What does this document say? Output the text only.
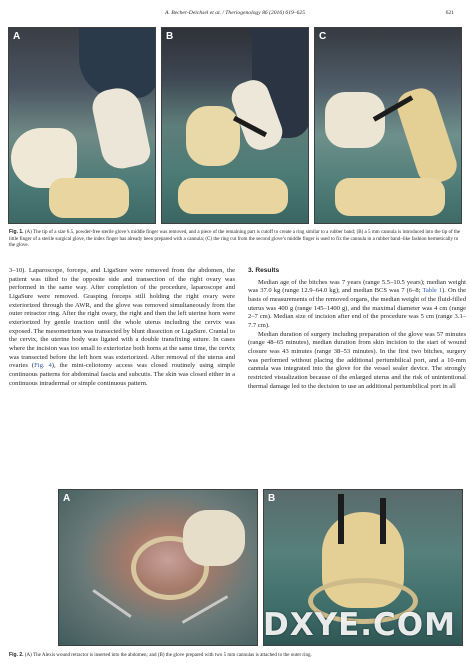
A. Becher-Deichsel et al. / Theriogenology 86 (2016) 619–625	621
A	B	C
Fig. 1. (A) The tip of a size 6.5, powder-free sterile glove’s middle finger was removed, and a piece of the remaining part is cutoff to create a ring similar to a rubber band; (B) a 5 mm cannula is introduced into the tip of the little finger of a sterile surgical glove, the index finger has already been prepared with a cannula; (C) the ring cut from the second glove’s middle finger is used to fix the cannula in a rubber band–like fashion hermetically to the glove.

3–10). Laparoscope, forceps, and LigaSure were removed from the abdomen, the patient was tilted to the opposite side and transection of the right ovary was performed in the same way. After completion of the procedure, laparoscope and LigaSure were removed. Grasping forceps still holding the right ovary were exteriorized through the AWR, and the glove was removed simultaneously from the outer retractor ring. After the right ovary, the right and then the left uterine horn were exteriorized by gentle traction until the whole uterus including the cervix was exposed. The mesometrium was transected by blunt dissection or LigaSure. Cranial to the cervix, the uterine body was ligated with a double transfixing suture. In cases where the incision was too small to exteriorize both horns at the same time, the cervix was transected before the left horn was exteriorized. After removal of the uterus and ovaries (Fig. 4), the mini-celiotomy access was closed routinely using simple continuous patterns for abdominal fascia and subcutis. The skin was closed either in a continuous intradermal or simple continuous pattern.

3. Results

Median age of the bitches was 7 years (range 5.5–10.5 years); median weight was 37.0 kg (range 12.9–64.0 kg); and median BCS was 7 (6–8; Table 1). On the basis of measurements of the removed organs, the median weight of the fluid-filled uterus was 400 g (range 145–1400 g), and the maximal diameter was 4 cm (range 2–7 cm). Median size of incision after end of the procedure was 5 cm (range 3.1–7.7 cm).

Median duration of surgery including preparation of the glove was 57 minutes (range 48–65 minutes), median duration from skin incision to the start of wound closure was 43 minutes (range 38–53 minutes). In the first two bitches, surgery was performed without placing the additional periumbilical port, and a 10-mm cannula was integrated into the glove for the vessel sealer device. The strongly restricted visualization because of the enlarged uterus and the risk of unintentional thermal damage led to the decision to use an additional periumbilical port in all

A	B
DXYE.COM
Fig. 2. (A) The Alexis wound retractor is inserted into the abdomen; and (B) the glove prepared with two 5 mm cannulas is attached to the outer ring.
